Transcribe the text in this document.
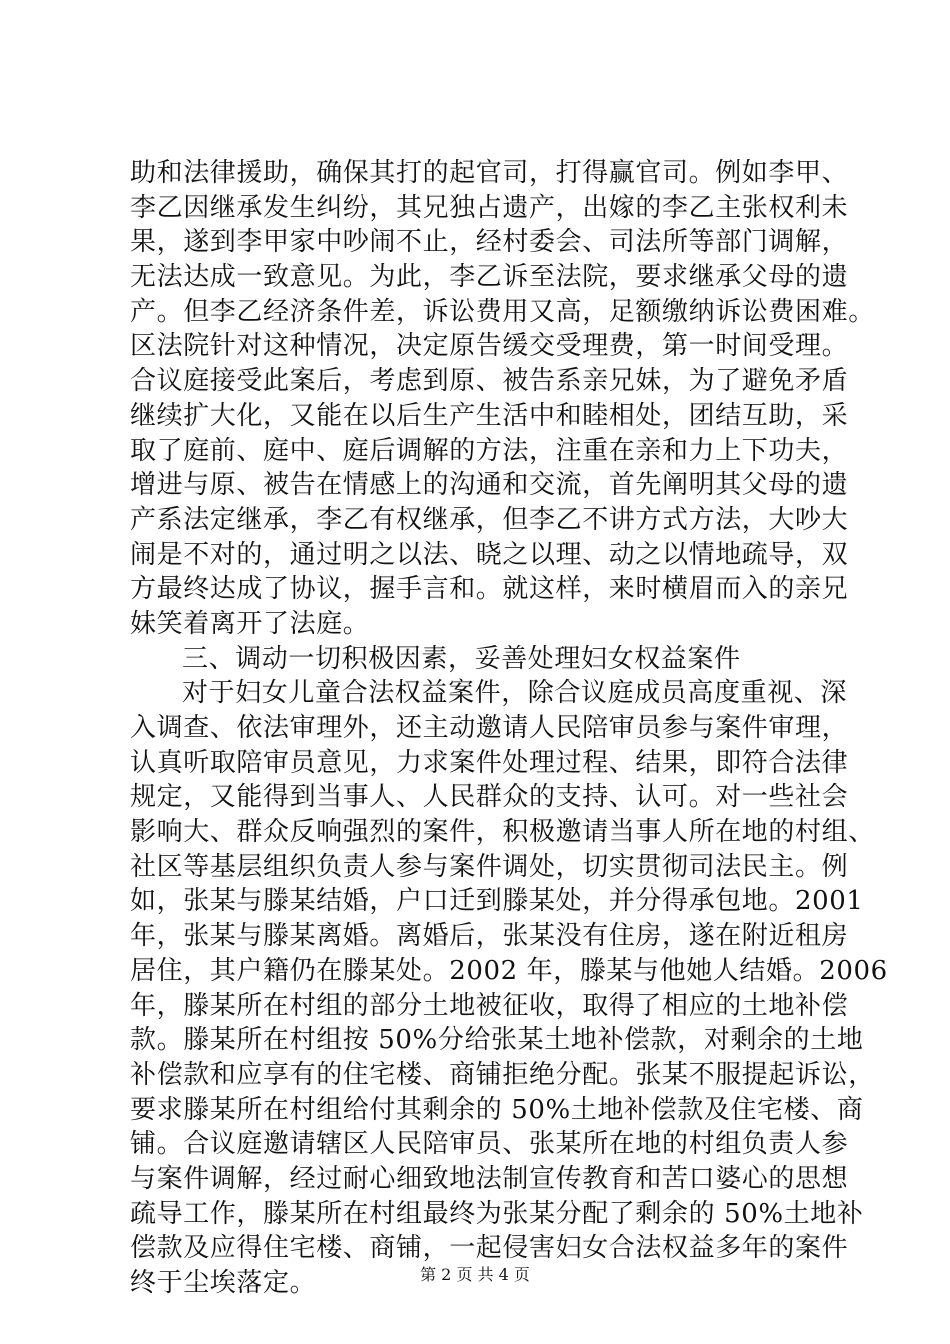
助和法律援助，确保其打的起官司，打得赢官司。例如李甲、
李乙因继承发生纠纷，其兄独占遗产，出嫁的李乙主张权利未
果，遂到李甲家中吵闹不止，经村委会、司法所等部门调解，
无法达成一致意见。为此，李乙诉至法院，要求继承父母的遗
产。但李乙经济条件差，诉讼费用又高，足额缴纳诉讼费困难。
区法院针对这种情况，决定原告缓交受理费，第一时间受理。
合议庭接受此案后，考虑到原、被告系亲兄妹，为了避免矛盾
继续扩大化，又能在以后生产生活中和睦相处，团结互助，采
取了庭前、庭中、庭后调解的方法，注重在亲和力上下功夫，
增进与原、被告在情感上的沟通和交流，首先阐明其父母的遗
产系法定继承，李乙有权继承，但李乙不讲方式方法，大吵大
闹是不对的，通过明之以法、晓之以理、动之以情地疏导，双
方最终达成了协议，握手言和。就这样，来时横眉而入的亲兄
妹笑着离开了法庭。
三、调动一切积极因素，妥善处理妇女权益案件
对于妇女儿童合法权益案件，除合议庭成员高度重视、深
入调查、依法审理外，还主动邀请人民陪审员参与案件审理，
认真听取陪审员意见，力求案件处理过程、结果，即符合法律
规定，又能得到当事人、人民群众的支持、认可。对一些社会
影响大、群众反响强烈的案件，积极邀请当事人所在地的村组、
社区等基层组织负责人参与案件调处，切实贯彻司法民主。例
如，张某与滕某结婚，户口迁到滕某处，并分得承包地。2001
年，张某与滕某离婚。离婚后，张某没有住房，遂在附近租房
居住，其户籍仍在滕某处。2002 年，滕某与他她人结婚。2006
年，滕某所在村组的部分土地被征收，取得了相应的土地补偿
款。滕某所在村组按 50%分给张某土地补偿款，对剩余的土地
补偿款和应享有的住宅楼、商铺拒绝分配。张某不服提起诉讼，
要求滕某所在村组给付其剩余的 50%土地补偿款及住宅楼、商
铺。合议庭邀请辖区人民陪审员、张某所在地的村组负责人参
与案件调解，经过耐心细致地法制宣传教育和苦口婆心的思想
疏导工作，滕某所在村组最终为张某分配了剩余的 50%土地补
偿款及应得住宅楼、商铺，一起侵害妇女合法权益多年的案件
终于尘埃落定。	第 2 页 共 4 页
